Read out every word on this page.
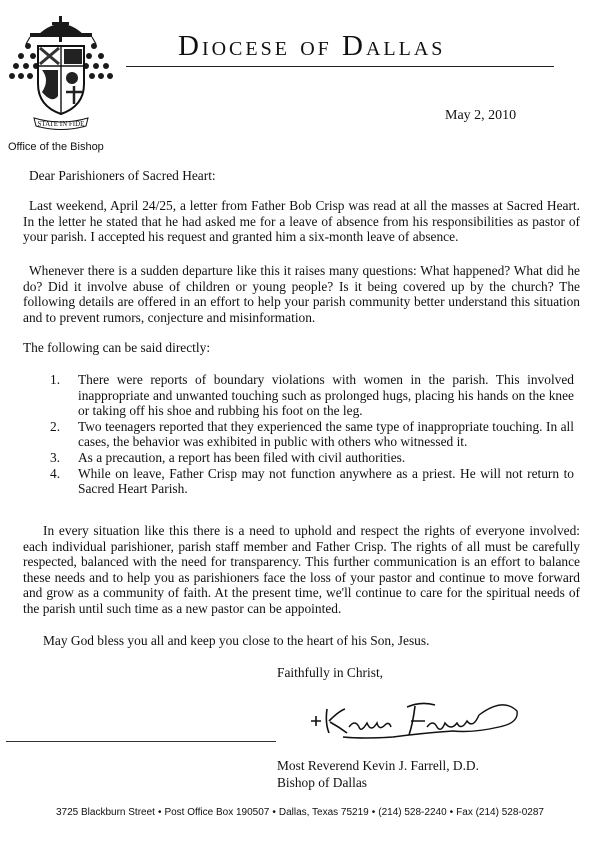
STATE IN FIDE
Diocese of Dallas
Office of the Bishop
May 2, 2010
Dear Parishioners of Sacred Heart:
Last weekend, April 24/25, a letter from Father Bob Crisp was read at all the masses at Sacred Heart. In the letter he stated that he had asked me for a leave of absence from his responsibilities as pastor of your parish. I accepted his request and granted him a six-month leave of absence.
Whenever there is a sudden departure like this it raises many questions: What happened? What did he do? Did it involve abuse of children or young people? Is it being covered up by the church? The following details are offered in an effort to help your parish community better understand this situation and to prevent rumors, conjecture and misinformation.
The following can be said directly:
1. There were reports of boundary violations with women in the parish. This involved inappropriate and unwanted touching such as prolonged hugs, placing his hands on the knee or taking off his shoe and rubbing his foot on the leg.
2. Two teenagers reported that they experienced the same type of inappropriate touching. In all cases, the behavior was exhibited in public with others who witnessed it.
3. As a precaution, a report has been filed with civil authorities.
4. While on leave, Father Crisp may not function anywhere as a priest. He will not return to Sacred Heart Parish.
In every situation like this there is a need to uphold and respect the rights of everyone involved: each individual parishioner, parish staff member and Father Crisp. The rights of all must be carefully respected, balanced with the need for transparency. This further communication is an effort to balance these needs and to help you as parishioners face the loss of your pastor and continue to move forward and grow as a community of faith. At the present time, we'll continue to care for the spiritual needs of the parish until such time as a new pastor can be appointed.
May God bless you all and keep you close to the heart of his Son, Jesus.
Faithfully in Christ,
Most Reverend Kevin J. Farrell, D.D.
Bishop of Dallas
3725 Blackburn Street • Post Office Box 190507 • Dallas, Texas 75219 • (214) 528-2240 • Fax (214) 528-0287
